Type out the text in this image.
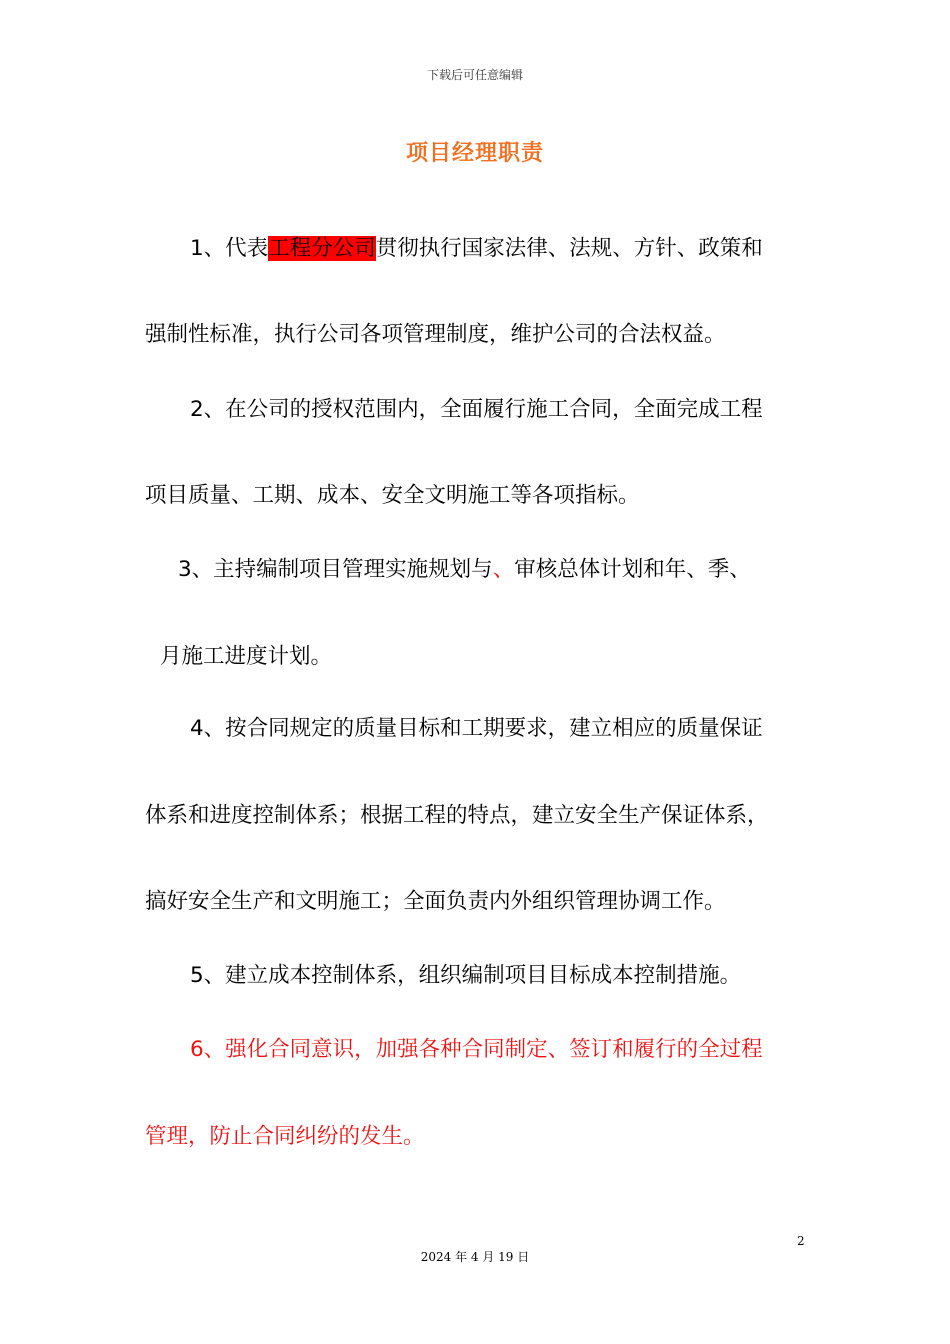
下载后可任意编辑
项目经理职责
1、代表工程分公司贯彻执行国家法律、法规、方针、政策和
强制性标准，执行公司各项管理制度，维护公司的合法权益。
2、在公司的授权范围内，全面履行施工合同，全面完成工程
项目质量、工期、成本、安全文明施工等各项指标。
3、主持编制项目管理实施规划与、审核总体计划和年、季、
月施工进度计划。
4、按合同规定的质量目标和工期要求，建立相应的质量保证
体系和进度控制体系；根据工程的特点，建立安全生产保证体系，
搞好安全生产和文明施工；全面负责内外组织管理协调工作。
5、建立成本控制体系，组织编制项目目标成本控制措施。
6、强化合同意识，加强各种合同制定、签订和履行的全过程
管理，防止合同纠纷的发生。
2
2024 年 4 月 19 日
